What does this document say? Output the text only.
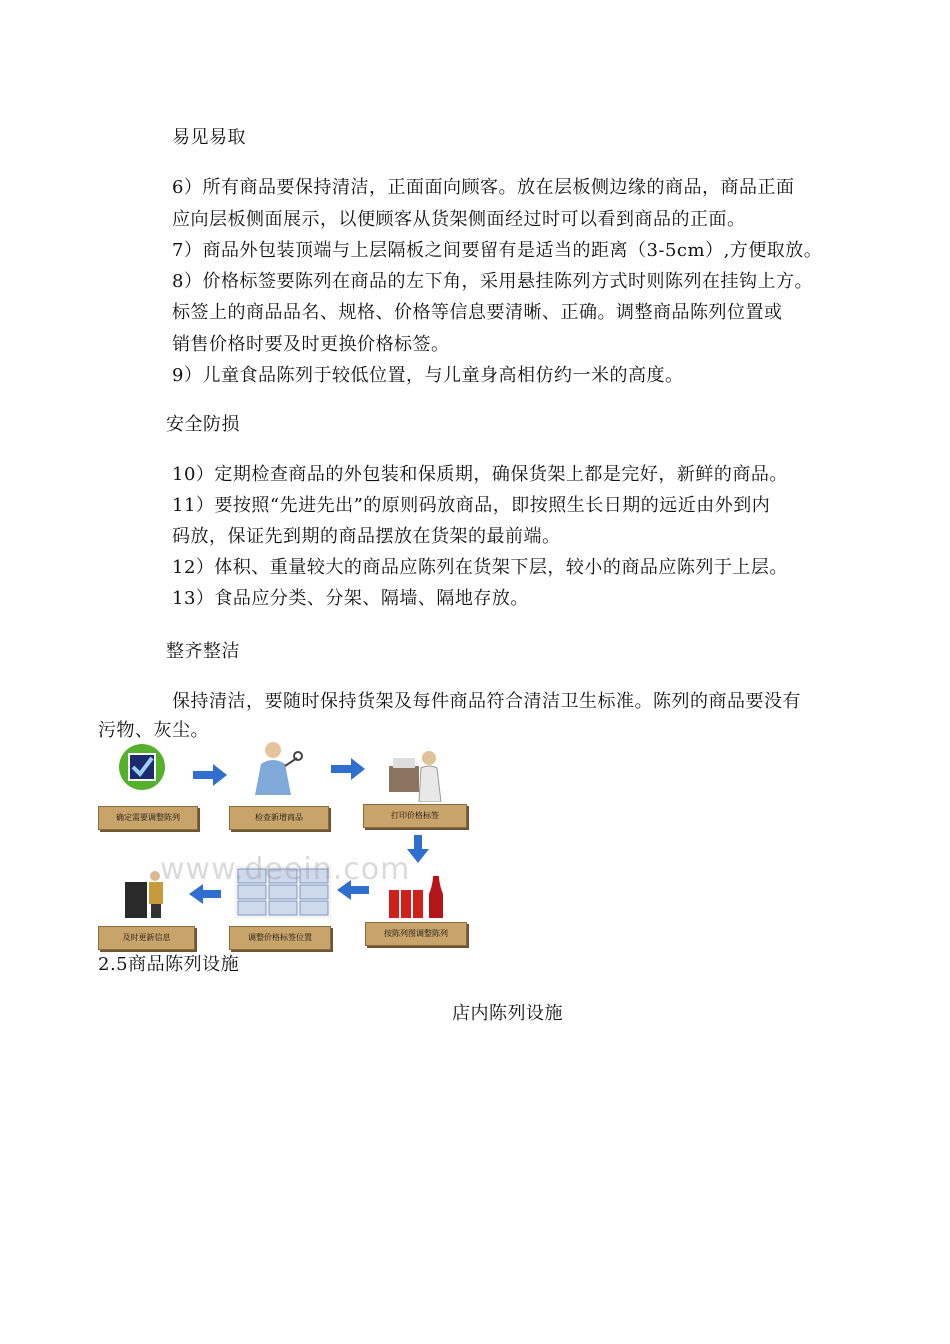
易见易取
6）所有商品要保持清洁，正面面向顾客。放在层板侧边缘的商品，商品正面
应向层板侧面展示，以便顾客从货架侧面经过时可以看到商品的正面。
7）商品外包装顶端与上层隔板之间要留有是适当的距离（3-5cm）,方便取放。
8）价格标签要陈列在商品的左下角，采用悬挂陈列方式时则陈列在挂钩上方。
标签上的商品品名、规格、价格等信息要清晰、正确。调整商品陈列位置或
销售价格时要及时更换价格标签。
9）儿童食品陈列于较低位置，与儿童身高相仿约一米的高度。
安全防损
10）定期检查商品的外包装和保质期，确保货架上都是完好，新鲜的商品。
11）要按照“先进先出”的原则码放商品，即按照生长日期的远近由外到内
码放，保证先到期的商品摆放在货架的最前端。
12）体积、重量较大的商品应陈列在货架下层，较小的商品应陈列于上层。
13）食品应分类、分架、隔墙、隔地存放。
整齐整洁
保持清洁，要随时保持货架及每件商品符合清洁卫生标准。陈列的商品要没有
污物、灰尘。
确定需要调整陈列	检查新增商品	打印价格标签
及时更新信息	调整价格标签位置	按陈列图调整陈列
www.deein.com
2.5商品陈列设施
店内陈列设施
